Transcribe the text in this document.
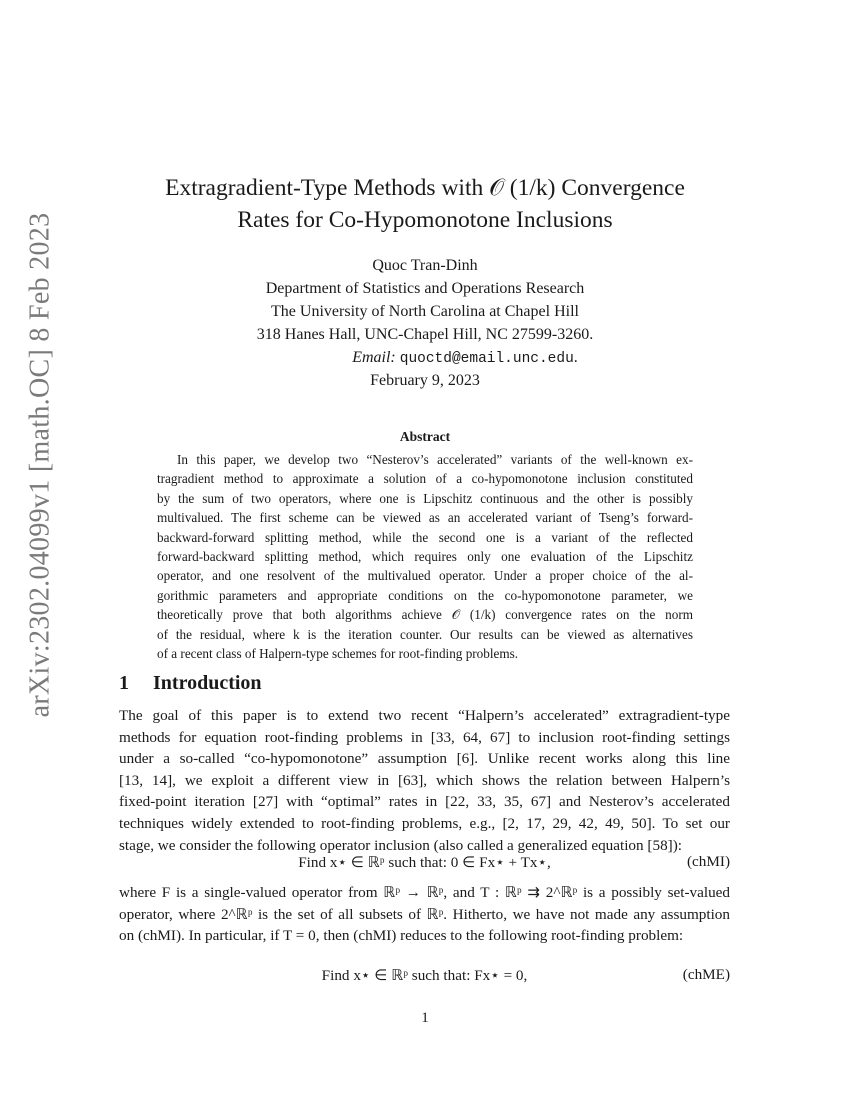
arXiv:2302.04099v1 [math.OC] 8 Feb 2023
Extragradient-Type Methods with 𝒪 (1/k) Convergence
Rates for Co-Hypomonotone Inclusions
Quoc Tran-Dinh
Department of Statistics and Operations Research
The University of North Carolina at Chapel Hill
318 Hanes Hall, UNC-Chapel Hill, NC 27599-3260.
Email: quoctd@email.unc.edu.
February 9, 2023
Abstract
In this paper, we develop two “Nesterov’s accelerated” variants of the well-known ex-
tragradient method to approximate a solution of a co-hypomonotone inclusion constituted
by the sum of two operators, where one is Lipschitz continuous and the other is possibly
multivalued. The first scheme can be viewed as an accelerated variant of Tseng’s forward-
backward-forward splitting method, while the second one is a variant of the reflected
forward-backward splitting method, which requires only one evaluation of the Lipschitz
operator, and one resolvent of the multivalued operator. Under a proper choice of the al-
gorithmic parameters and appropriate conditions on the co-hypomonotone parameter, we
theoretically prove that both algorithms achieve 𝒪 (1/k) convergence rates on the norm
of the residual, where k is the iteration counter. Our results can be viewed as alternatives
of a recent class of Halpern-type schemes for root-finding problems.
1 Introduction
The goal of this paper is to extend two recent “Halpern’s accelerated” extragradient-type
methods for equation root-finding problems in [33, 64, 67] to inclusion root-finding settings
under a so-called “co-hypomonotone” assumption [6]. Unlike recent works along this line
[13, 14], we exploit a different view in [63], which shows the relation between Halpern’s
fixed-point iteration [27] with “optimal” rates in [22, 33, 35, 67] and Nesterov’s accelerated
techniques widely extended to root-finding problems, e.g., [2, 17, 29, 42, 49, 50]. To set our
stage, we consider the following operator inclusion (also called a generalized equation [58]):
Find x⋆ ∈ ℝᵖ such that: 0 ∈ Fx⋆ + Tx⋆,	(chMI)
where F is a single-valued operator from ℝᵖ → ℝᵖ, and T : ℝᵖ ⇉ 2^ℝᵖ is a possibly set-valued
operator, where 2^ℝᵖ is the set of all subsets of ℝᵖ. Hitherto, we have not made any assumption
on (chMI). In particular, if T = 0, then (chMI) reduces to the following root-finding problem:
Find x⋆ ∈ ℝᵖ such that: Fx⋆ = 0,	(chME)
1
